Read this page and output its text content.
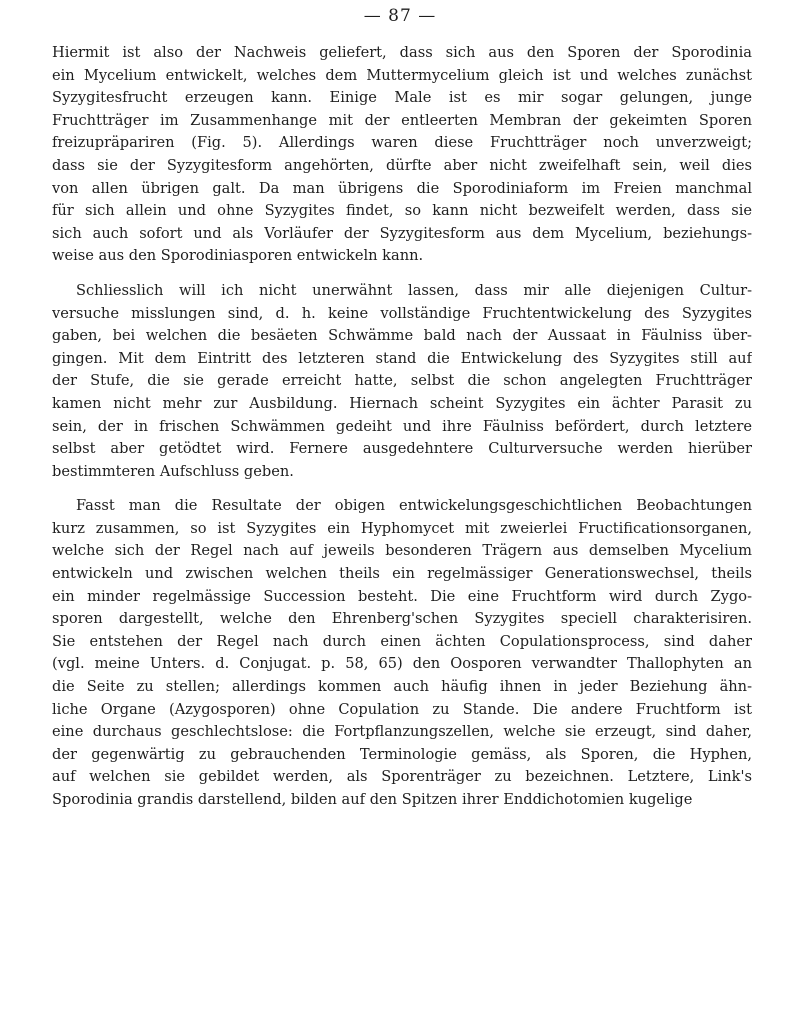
— 87 —
Hiermit ist also der Nachweis geliefert, dass sich aus den Sporen der Sporodinia
ein Mycelium entwickelt, welches dem Muttermycelium gleich ist und welches zunächst
Syzygitesfrucht erzeugen kann. Einige Male ist es mir sogar gelungen, junge
Fruchtträger im Zusammenhange mit der entleerten Membran der gekeimten Sporen
freizupräpariren (Fig. 5). Allerdings waren diese Fruchtträger noch unverzweigt;
dass sie der Syzygitesform angehörten, dürfte aber nicht zweifelhaft sein, weil dies
von allen übrigen galt. Da man übrigens die Sporodiniaform im Freien manchmal
für sich allein und ohne Syzygites findet, so kann nicht bezweifelt werden, dass sie
sich auch sofort und als Vorläufer der Syzygitesform aus dem Mycelium, beziehungs-
weise aus den Sporodiniasporen entwickeln kann.
Schliesslich will ich nicht unerwähnt lassen, dass mir alle diejenigen Cultur-
versuche misslungen sind, d. h. keine vollständige Fruchtentwickelung des Syzygites
gaben, bei welchen die besäeten Schwämme bald nach der Aussaat in Fäulniss über-
gingen. Mit dem Eintritt des letzteren stand die Entwickelung des Syzygites still auf
der Stufe, die sie gerade erreicht hatte, selbst die schon angelegten Fruchtträger
kamen nicht mehr zur Ausbildung. Hiernach scheint Syzygites ein ächter Parasit zu
sein, der in frischen Schwämmen gedeiht und ihre Fäulniss befördert, durch letztere
selbst aber getödtet wird. Fernere ausgedehntere Culturversuche werden hierüber
bestimmteren Aufschluss geben.
Fasst man die Resultate der obigen entwickelungsgeschichtlichen Beobachtungen
kurz zusammen, so ist Syzygites ein Hyphomycet mit zweierlei Fructificationsorganen,
welche sich der Regel nach auf jeweils besonderen Trägern aus demselben Mycelium
entwickeln und zwischen welchen theils ein regelmässiger Generationswechsel, theils
ein minder regelmässige Succession besteht. Die eine Fruchtform wird durch Zygo-
sporen dargestellt, welche den Ehrenberg'schen Syzygites speciell charakterisiren.
Sie entstehen der Regel nach durch einen ächten Copulationsprocess, sind daher
(vgl. meine Unters. d. Conjugat. p. 58, 65) den Oosporen verwandter Thallophyten an
die Seite zu stellen; allerdings kommen auch häufig ihnen in jeder Beziehung ähn-
liche Organe (Azygosporen) ohne Copulation zu Stande. Die andere Fruchtform ist
eine durchaus geschlechtslose: die Fortpflanzungszellen, welche sie erzeugt, sind daher,
der gegenwärtig zu gebrauchenden Terminologie gemäss, als Sporen, die Hyphen,
auf welchen sie gebildet werden, als Sporenträger zu bezeichnen. Letztere, Link's
Sporodinia grandis darstellend, bilden auf den Spitzen ihrer Enddichotomien kugelige
